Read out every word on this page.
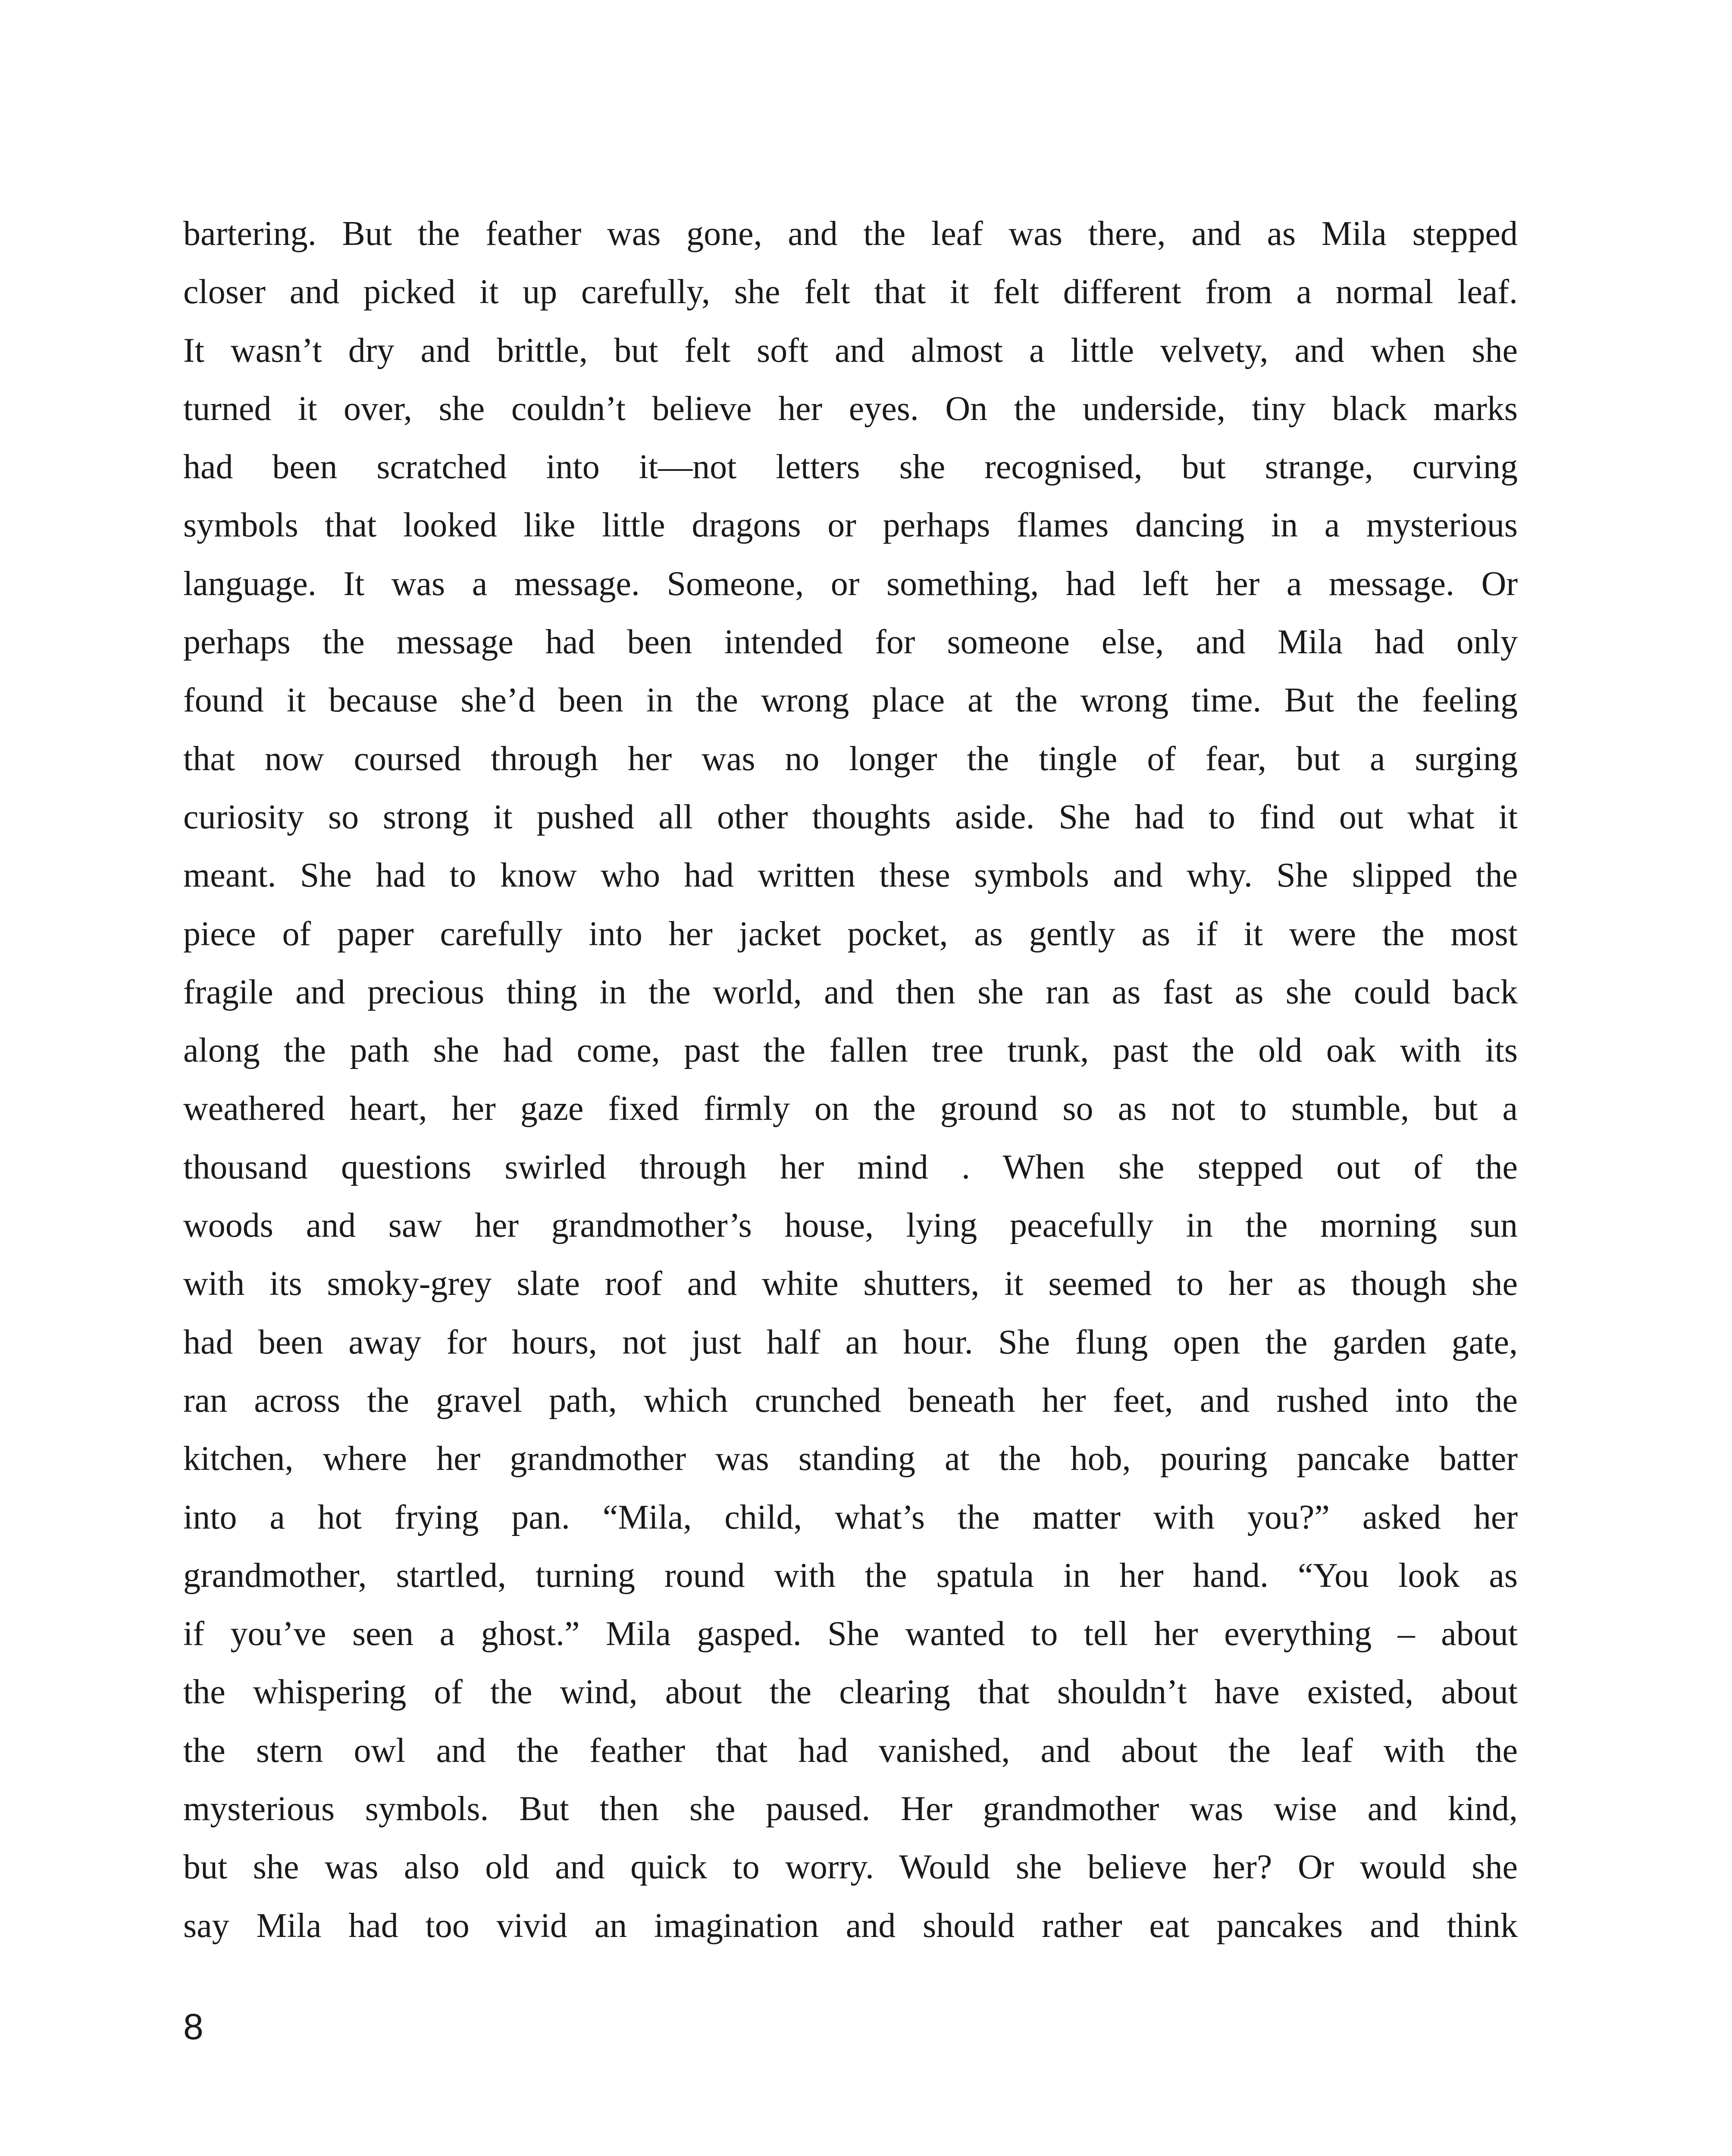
bartering. But the feather was gone, and the leaf was there, and as Mila stepped
closer and picked it up carefully, she felt that it felt different from a normal leaf.
It wasn’t dry and brittle, but felt soft and almost a little velvety, and when she
turned it over, she couldn’t believe her eyes. On the underside, tiny black marks
had been scratched into it—not letters she recognised, but strange, curving
symbols that looked like little dragons or perhaps flames dancing in a mysterious
language. It was a message. Someone, or something, had left her a message. Or
perhaps the message had been intended for someone else, and Mila had only
found it because she’d been in the wrong place at the wrong time. But the feeling
that now coursed through her was no longer the tingle of fear, but a surging
curiosity so strong it pushed all other thoughts aside. She had to find out what it
meant. She had to know who had written these symbols and why. She slipped the
piece of paper carefully into her jacket pocket, as gently as if it were the most
fragile and precious thing in the world, and then she ran as fast as she could back
along the path she had come, past the fallen tree trunk, past the old oak with its
weathered heart, her gaze fixed firmly on the ground so as not to stumble, but a
thousand questions swirled through her mind . When she stepped out of the
woods and saw her grandmother’s house, lying peacefully in the morning sun
with its smoky-grey slate roof and white shutters, it seemed to her as though she
had been away for hours, not just half an hour. She flung open the garden gate,
ran across the gravel path, which crunched beneath her feet, and rushed into the
kitchen, where her grandmother was standing at the hob, pouring pancake batter
into a hot frying pan. “Mila, child, what’s the matter with you?” asked her
grandmother, startled, turning round with the spatula in her hand. “You look as
if you’ve seen a ghost.” Mila gasped. She wanted to tell her everything – about
the whispering of the wind, about the clearing that shouldn’t have existed, about
the stern owl and the feather that had vanished, and about the leaf with the
mysterious symbols. But then she paused. Her grandmother was wise and kind,
but she was also old and quick to worry. Would she believe her? Or would she
say Mila had too vivid an imagination and should rather eat pancakes and think
8
